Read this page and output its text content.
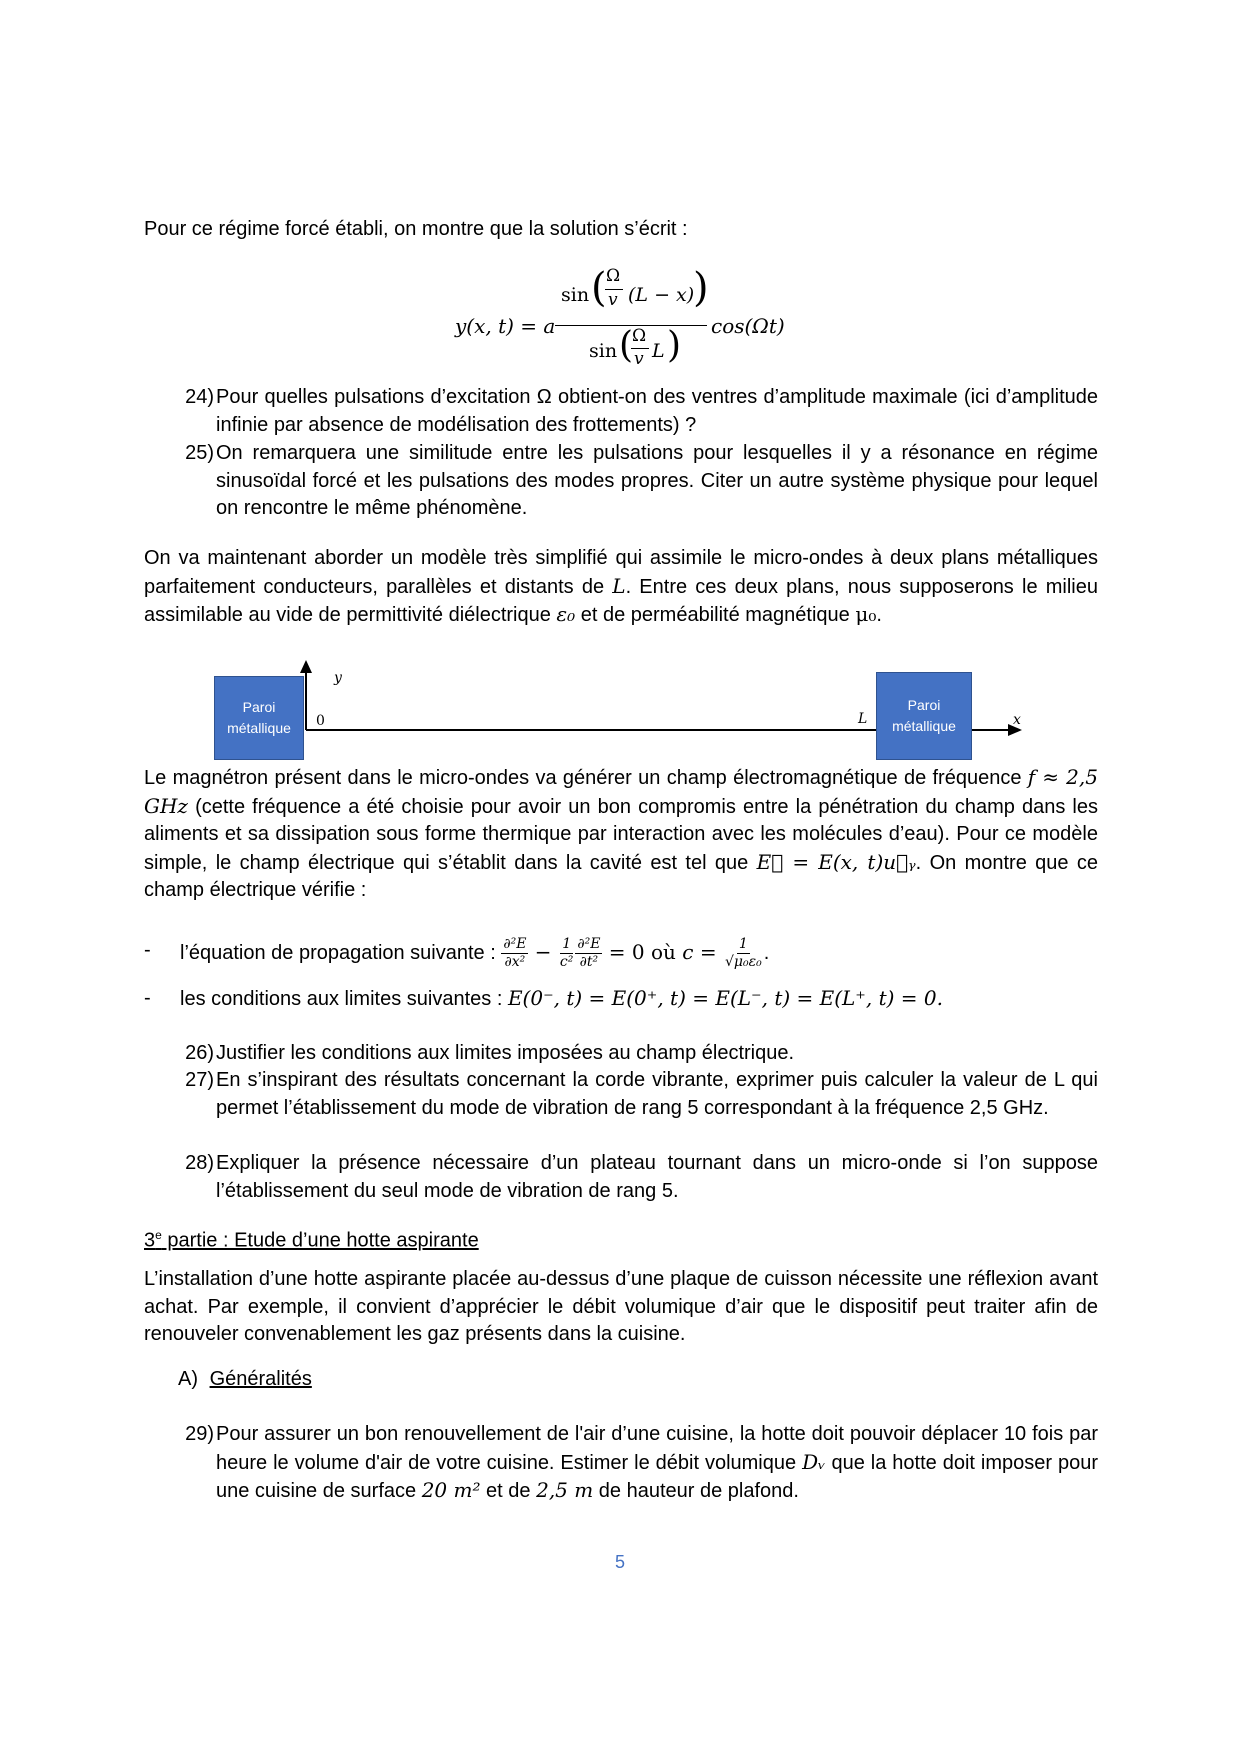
Pour ce régime forcé établi, on montre que la solution s’écrit :

y(x, t) = a
sin ( Ω
v (L − x)
)
sin (
Ω
v L ) cos(Ωt)
24) Pour quelles pulsations d’excitation Ω obtient-on des ventres d’amplitude maximale (ici d’amplitude infinie par absence de modélisation des frottements) ?
25) On remarquera une similitude entre les pulsations pour lesquelles il y a résonance en régime sinusoïdal forcé et les pulsations des modes propres. Citer un autre système physique pour lequel on rencontre le même phénomène.

On va maintenant aborder un modèle très simplifié qui assimile le micro-ondes à deux plans métalliques parfaitement conducteurs, parallèles et distants de L. Entre ces deux plans, nous supposerons le milieu assimilable au vide de permittivité diélectrique ε₀ et de perméabilité magnétique μ₀.

Paroi
métallique
Paroi
métallique
y
x
0	L

Le magnétron présent dans le micro-ondes va générer un champ électromagnétique de fréquence f ≈ 2,5 GHz (cette fréquence a été choisie pour avoir un bon compromis entre la pénétration du champ dans les aliments et sa dissipation sous forme thermique par interaction avec les molécules d’eau). Pour ce modèle simple, le champ électrique qui s’établit dans la cavité est tel que E⃗ = E(x, t)u⃗ᵧ. On montre que ce champ électrique vérifie :

- l’équation de propagation suivante : $\frac{\text{∂²E}}{\text{∂x²}} - \frac{1}{\text{c²}} \frac{\text{∂²E}}{\text{∂t²}} = 0$ où $c = \frac{1}{\text{√μ₀ε₀}}$ .
- les conditions aux limites suivantes : E(0⁻, t) = E(0⁺, t) = E(L⁻, t) = E(L⁺, t) = 0.
26) Justifier les conditions aux limites imposées au champ électrique.
27) En s’inspirant des résultats concernant la corde vibrante, exprimer puis calculer la valeur de L qui permet l’établissement du mode de vibration de rang 5 correspondant à la fréquence 2,5 GHz.
28) Expliquer la présence nécessaire d’un plateau tournant dans un micro-onde si l’on suppose l’établissement du seul mode de vibration de rang 5.
3e partie : Etude d’une hotte aspirante

L’installation d’une hotte aspirante placée au-dessus d’une plaque de cuisson nécessite une réflexion avant achat. Par exemple, il convient d’apprécier le débit volumique d’air que le dispositif peut traiter afin de renouveler convenablement les gaz présents dans la cuisine.

A) Généralités
29) Pour assurer un bon renouvellement de l'air d’une cuisine, la hotte doit pouvoir déplacer 10 fois par heure le volume d'air de votre cuisine. Estimer le débit volumique Dᵥ que la hotte doit imposer pour une cuisine de surface 20 m² et de 2,5 m de hauteur de plafond.
5
